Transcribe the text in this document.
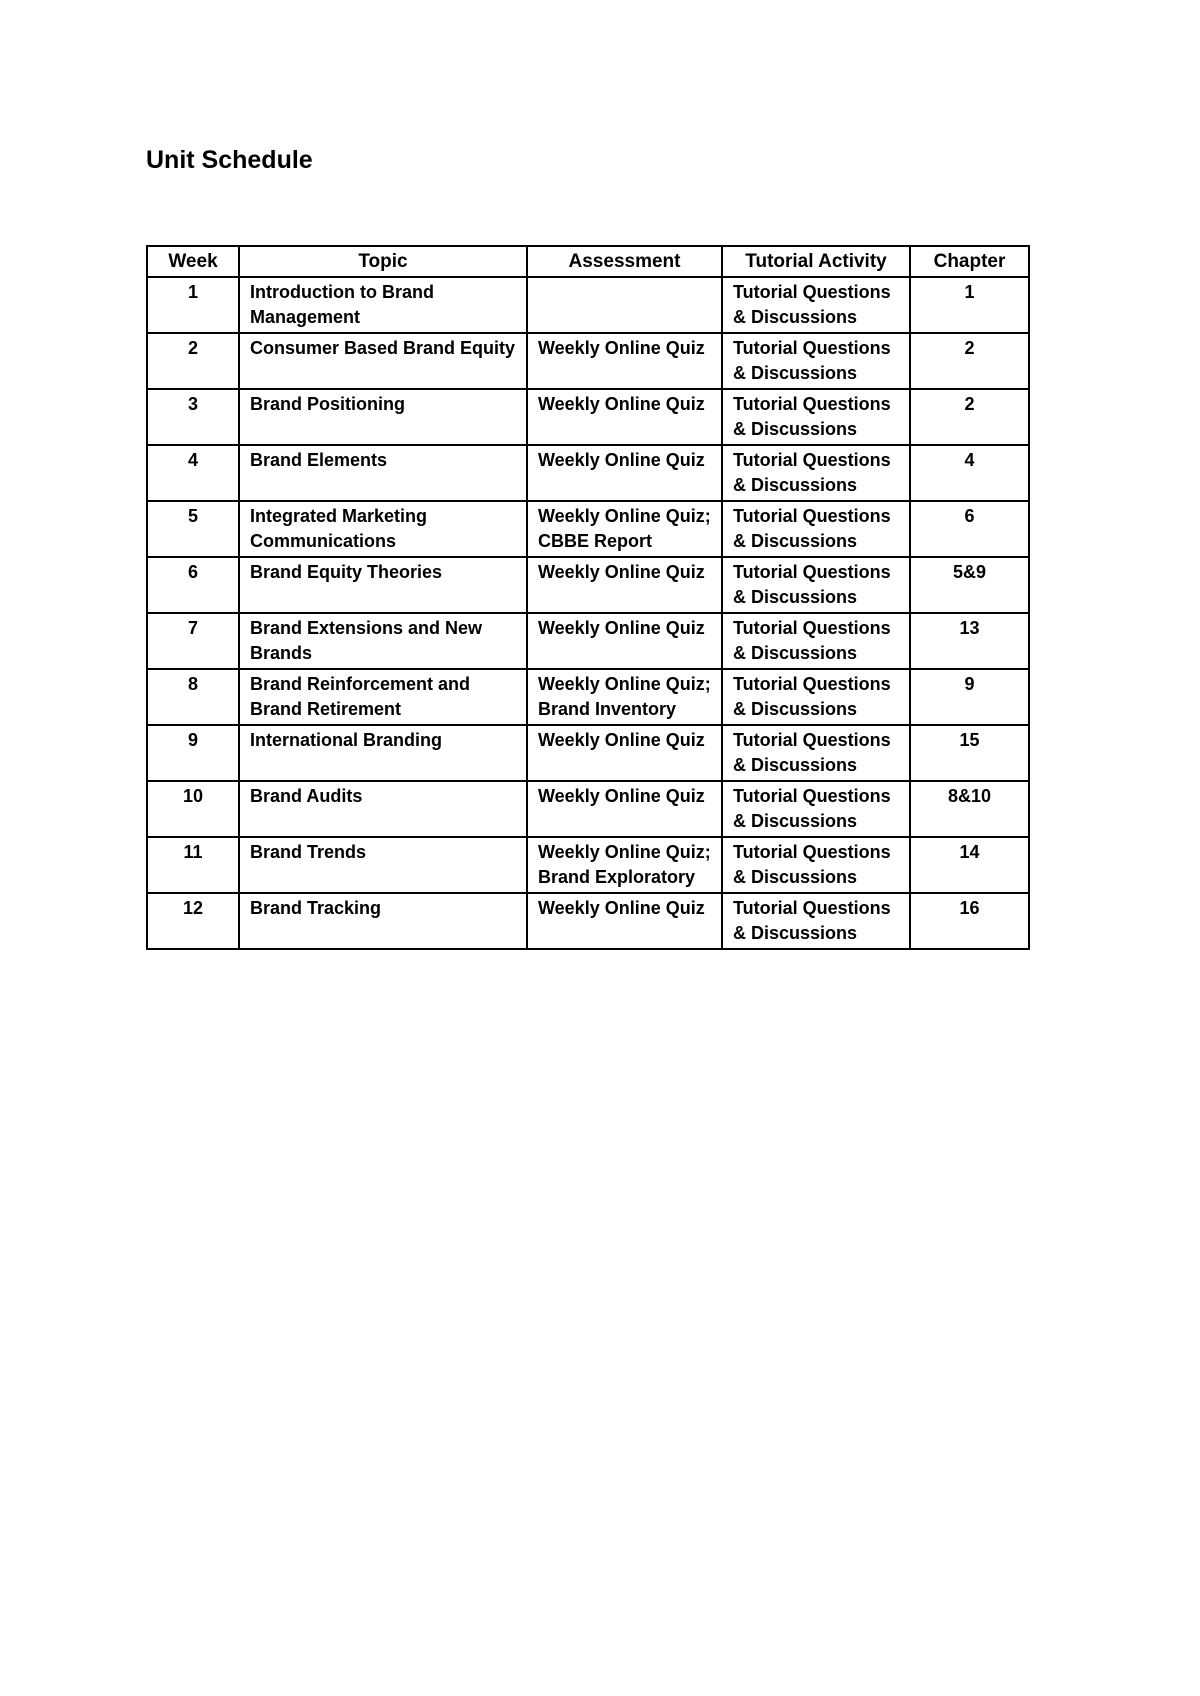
Unit Schedule
Week	Topic	Assessment	Tutorial Activity	Chapter
1	Introduction to Brand Management		Tutorial Questions & Discussions	1
2	Consumer Based Brand Equity	Weekly Online Quiz	Tutorial Questions & Discussions	2
3	Brand Positioning	Weekly Online Quiz	Tutorial Questions & Discussions	2
4	Brand Elements	Weekly Online Quiz	Tutorial Questions & Discussions	4
5	Integrated Marketing Communications	Weekly Online Quiz; CBBE Report	Tutorial Questions & Discussions	6
6	Brand Equity Theories	Weekly Online Quiz	Tutorial Questions & Discussions	5&9
7	Brand Extensions and New Brands	Weekly Online Quiz	Tutorial Questions & Discussions	13
8	Brand Reinforcement and Brand Retirement	Weekly Online Quiz; Brand Inventory	Tutorial Questions & Discussions	9
9	International Branding	Weekly Online Quiz	Tutorial Questions & Discussions	15
10	Brand Audits	Weekly Online Quiz	Tutorial Questions & Discussions	8&10
11	Brand Trends	Weekly Online Quiz; Brand Exploratory	Tutorial Questions & Discussions	14
12	Brand Tracking	Weekly Online Quiz	Tutorial Questions & Discussions	16
